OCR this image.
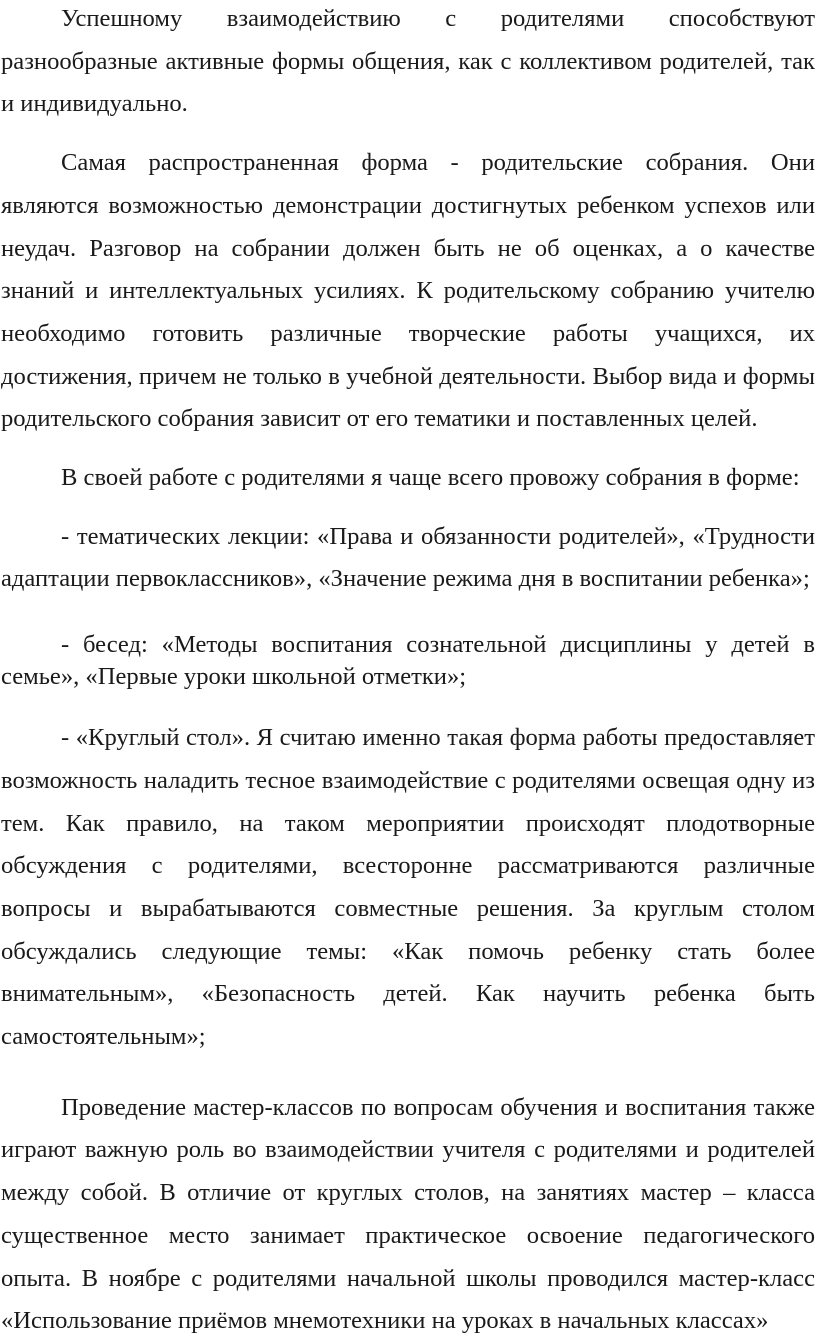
Успешному взаимодействию с родителями способствуют разнообразные активные формы общения, как с коллективом родителей, так и индивидуально.

Самая распространенная форма - родительские собрания. Они являются возможностью демонстрации достигнутых ребенком успехов или неудач. Разговор на собрании должен быть не об оценках, а о качестве знаний и интеллектуальных усилиях. К родительскому собранию учителю необходимо готовить различные творческие работы учащихся, их достижения, причем не только в учебной деятельности. Выбор вида и формы родительского собрания зависит от его тематики и поставленных целей.

В своей работе с родителями я чаще всего провожу собрания в форме:

- тематических лекции: «Права и обязанности родителей», «Трудности адаптации первоклассников», «Значение режима дня в воспитании ребенка»;

- бесед: «Методы воспитания сознательной дисциплины у детей в семье», «Первые уроки школьной отметки»;

- «Круглый стол». Я считаю именно такая форма работы предоставляет возможность наладить тесное взаимодействие с родителями освещая одну из тем. Как правило, на таком мероприятии происходят плодотворные обсуждения с родителями, всесторонне рассматриваются различные вопросы и вырабатываются совместные решения. За круглым столом обсуждались следующие темы: «Как помочь ребенку стать более внимательным», «Безопасность детей. Как научить ребенка быть самостоятельным»;

Проведение мастер-классов по вопросам обучения и воспитания также играют важную роль во взаимодействии учителя с родителями и родителей между собой. В отличие от круглых столов, на занятиях мастер – класса существенное место занимает практическое освоение педагогического опыта. В ноябре с родителями начальной школы проводился мастер-класс «Использование приёмов мнемотехники на уроках в начальных классах»
